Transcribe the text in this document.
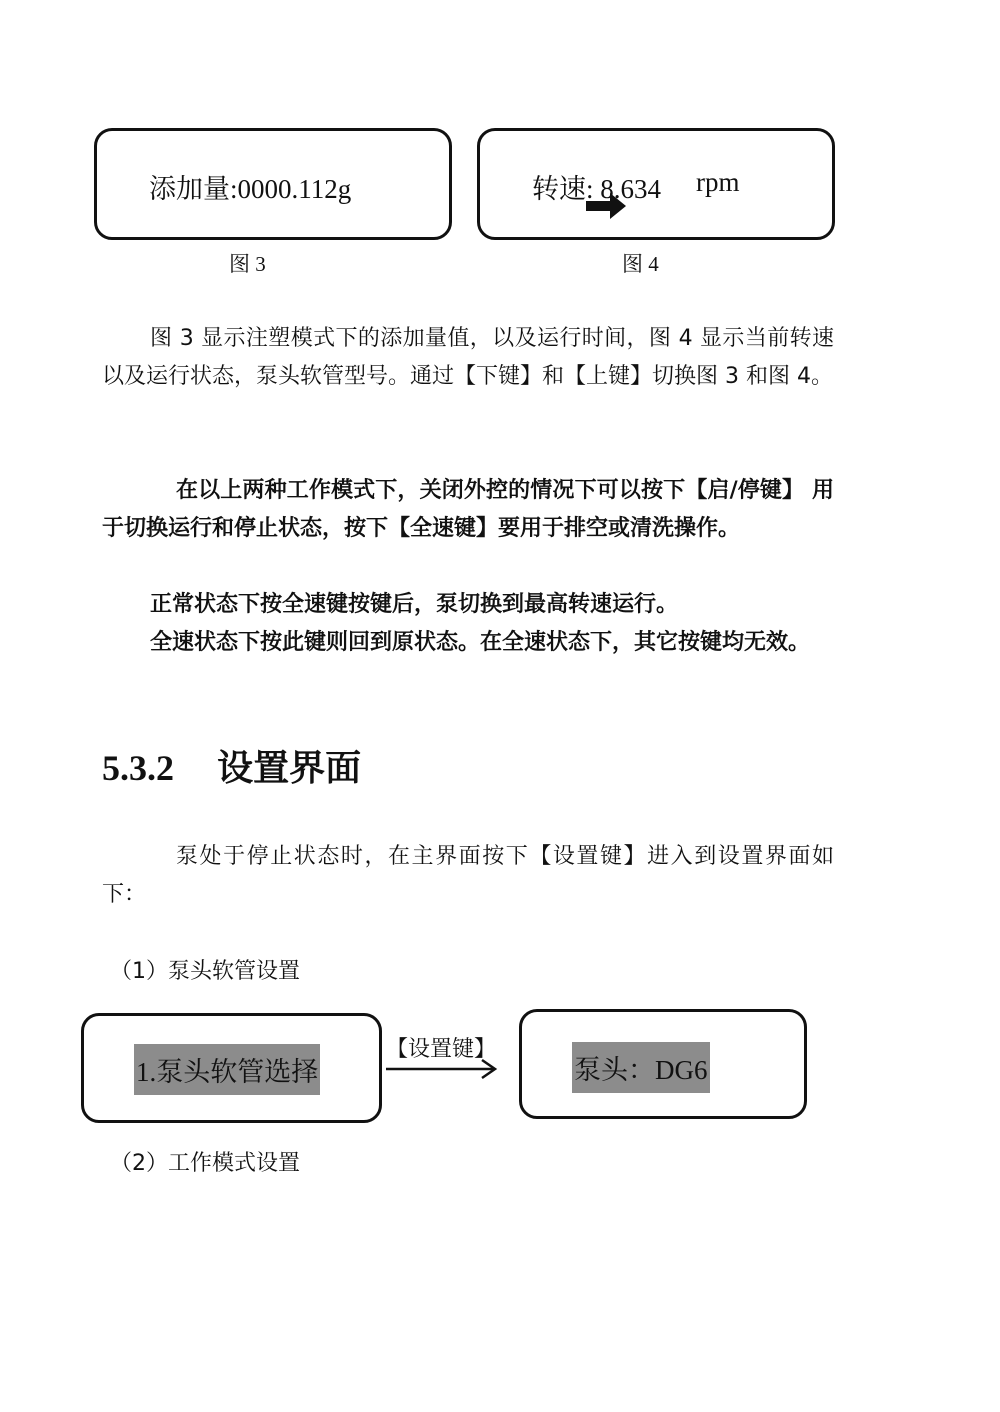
添加量:0000.112g
图 3
转速: 8.634 rpm
图 4

图 3 显示注塑模式下的添加量值，以及运行时间，图 4 显示当前转速以及运行状态，泵头软管型号。通过【下键】和【上键】切换图 3 和图 4。

在以上两种工作模式下，关闭外控的情况下可以按下【启/停键】 用于切换运行和停止状态，按下【全速键】要用于排空或清洗操作。

正常状态下按全速键按键后，泵切换到最高转速运行。

全速状态下按此键则回到原状态。在全速状态下，其它按键均无效。

5.3.2 设置界面

泵处于停止状态时，在主界面按下【设置键】进入到设置界面如下：

（1）泵头软管设置
1.泵头软管选择
【设置键】
泵头：DG6
（2）工作模式设置
